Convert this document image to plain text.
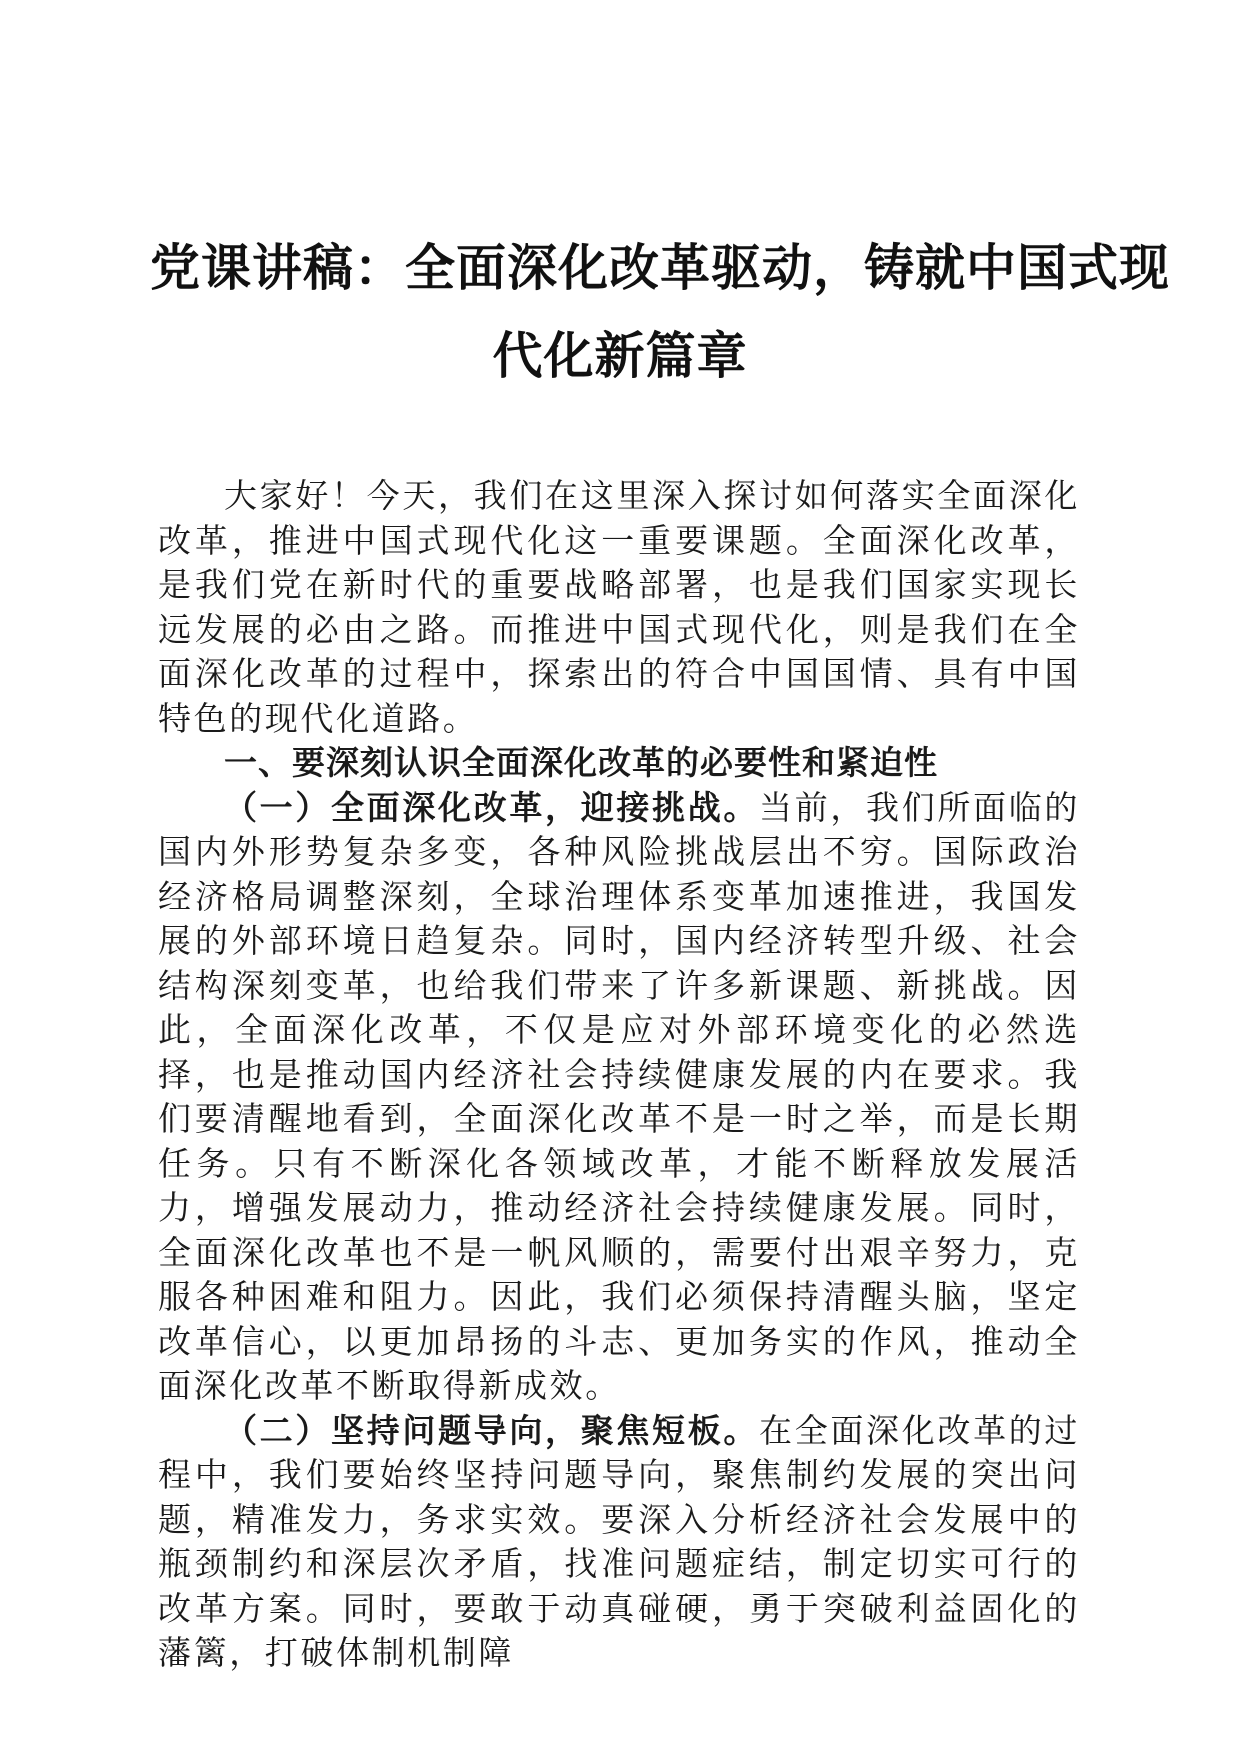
党课讲稿：全面深化改革驱动，铸就中国式现
代化新篇章

大家好！今天，我们在这里深入探讨如何落实全面深化改革，推进中国式现代化这一重要课题。全面深化改革，是我们党在新时代的重要战略部署，也是我们国家实现长远发展的必由之路。而推进中国式现代化，则是我们在全面深化改革的过程中，探索出的符合中国国情、具有中国特色的现代化道路。

一、要深刻认识全面深化改革的必要性和紧迫性

（一）全面深化改革，迎接挑战。当前，我们所面临的国内外形势复杂多变，各种风险挑战层出不穷。国际政治经济格局调整深刻，全球治理体系变革加速推进，我国发展的外部环境日趋复杂。同时，国内经济转型升级、社会结构深刻变革，也给我们带来了许多新课题、新挑战。因此，全面深化改革，不仅是应对外部环境变化的必然选择，也是推动国内经济社会持续健康发展的内在要求。我们要清醒地看到，全面深化改革不是一时之举，而是长期任务。只有不断深化各领域改革，才能不断释放发展活力，增强发展动力，推动经济社会持续健康发展。同时，全面深化改革也不是一帆风顺的，需要付出艰辛努力，克服各种困难和阻力。因此，我们必须保持清醒头脑，坚定改革信心，以更加昂扬的斗志、更加务实的作风，推动全面深化改革不断取得新成效。

（二）坚持问题导向，聚焦短板。在全面深化改革的过程中，我们要始终坚持问题导向，聚焦制约发展的突出问题，精准发力，务求实效。要深入分析经济社会发展中的瓶颈制约和深层次矛盾，找准问题症结，制定切实可行的改革方案。同时，要敢于动真碰硬，勇于突破利益固化的藩篱，打破体制机制障
